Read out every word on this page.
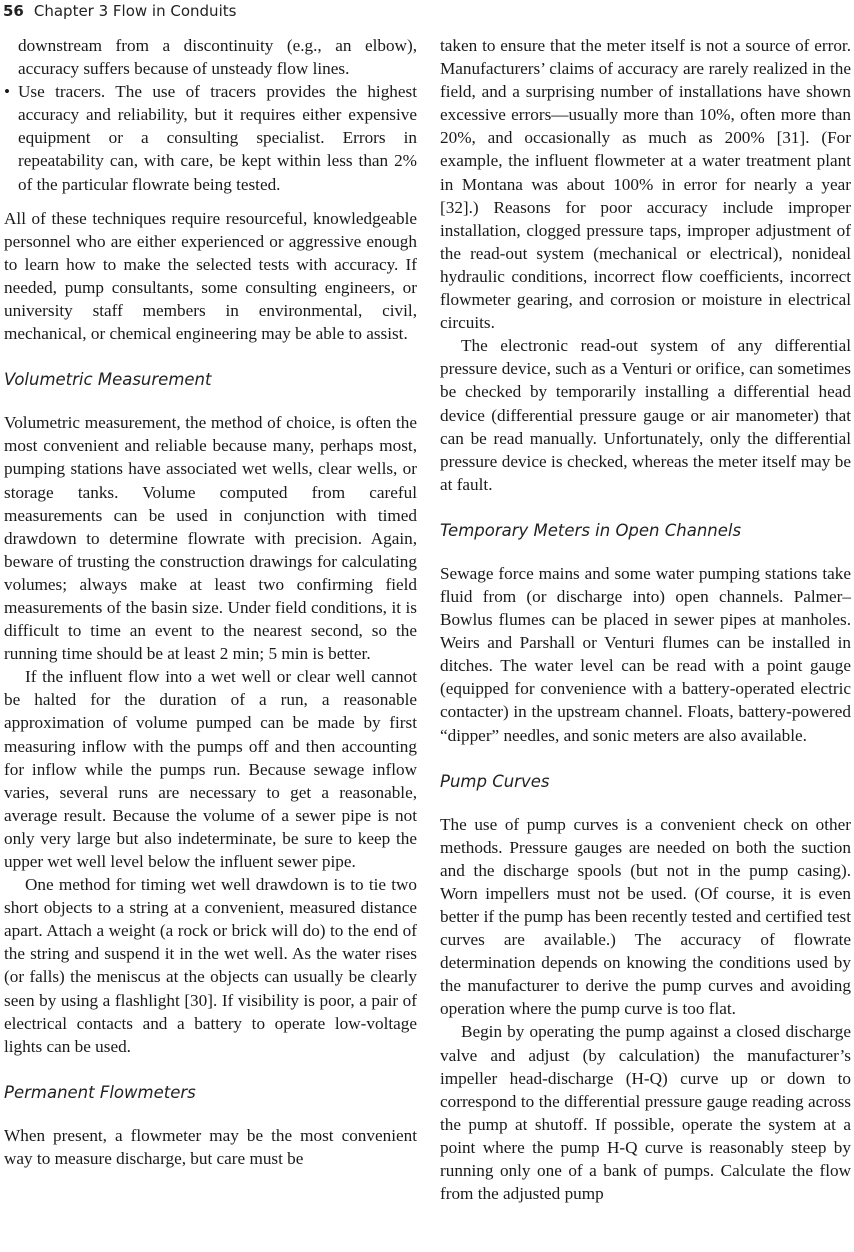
56 Chapter 3 Flow in Conduits

downstream from a discontinuity (e.g., an elbow), accuracy suffers because of unsteady flow lines.

• Use tracers. The use of tracers provides the highest accuracy and reliability, but it requires either expensive equipment or a consulting specialist. Errors in repeatability can, with care, be kept within less than 2% of the particular flowrate being tested.

All of these techniques require resourceful, knowledgeable personnel who are either experienced or aggressive enough to learn how to make the selected tests with accuracy. If needed, pump consultants, some consulting engineers, or university staff members in environmental, civil, mechanical, or chemical engineering may be able to assist.

Volumetric Measurement

Volumetric measurement, the method of choice, is often the most convenient and reliable because many, perhaps most, pumping stations have associated wet wells, clear wells, or storage tanks. Volume computed from careful measurements can be used in conjunction with timed drawdown to determine flowrate with precision. Again, beware of trusting the construction drawings for calculating volumes; always make at least two confirming field measurements of the basin size. Under field conditions, it is difficult to time an event to the nearest second, so the running time should be at least 2 min; 5 min is better.

If the influent flow into a wet well or clear well cannot be halted for the duration of a run, a reasonable approximation of volume pumped can be made by first measuring inflow with the pumps off and then accounting for inflow while the pumps run. Because sewage inflow varies, several runs are necessary to get a reasonable, average result. Because the volume of a sewer pipe is not only very large but also indeterminate, be sure to keep the upper wet well level below the influent sewer pipe.

One method for timing wet well drawdown is to tie two short objects to a string at a convenient, measured distance apart. Attach a weight (a rock or brick will do) to the end of the string and suspend it in the wet well. As the water rises (or falls) the meniscus at the objects can usually be clearly seen by using a flashlight [30]. If visibility is poor, a pair of electrical contacts and a battery to operate low-voltage lights can be used.

Permanent Flowmeters

When present, a flowmeter may be the most convenient way to measure discharge, but care must be

taken to ensure that the meter itself is not a source of error. Manufacturers’ claims of accuracy are rarely realized in the field, and a surprising number of installations have shown excessive errors—usually more than 10%, often more than 20%, and occasionally as much as 200% [31]. (For example, the influent flowmeter at a water treatment plant in Montana was about 100% in error for nearly a year [32].) Reasons for poor accuracy include improper installation, clogged pressure taps, improper adjustment of the read-out system (mechanical or electrical), nonideal hydraulic conditions, incorrect flow coefficients, incorrect flowmeter gearing, and corrosion or moisture in electrical circuits.

The electronic read-out system of any differential pressure device, such as a Venturi or orifice, can sometimes be checked by temporarily installing a differential head device (differential pressure gauge or air manometer) that can be read manually. Unfortunately, only the differential pressure device is checked, whereas the meter itself may be at fault.

Temporary Meters in Open Channels

Sewage force mains and some water pumping stations take fluid from (or discharge into) open channels. Palmer–Bowlus flumes can be placed in sewer pipes at manholes. Weirs and Parshall or Venturi flumes can be installed in ditches. The water level can be read with a point gauge (equipped for convenience with a battery-operated electric contacter) in the upstream channel. Floats, battery-powered “dipper” needles, and sonic meters are also available.

Pump Curves

The use of pump curves is a convenient check on other methods. Pressure gauges are needed on both the suction and the discharge spools (but not in the pump casing). Worn impellers must not be used. (Of course, it is even better if the pump has been recently tested and certified test curves are available.) The accuracy of flowrate determination depends on knowing the conditions used by the manufacturer to derive the pump curves and avoiding operation where the pump curve is too flat.

Begin by operating the pump against a closed discharge valve and adjust (by calculation) the manufacturer’s impeller head-discharge (H-Q) curve up or down to correspond to the differential pressure gauge reading across the pump at shutoff. If possible, operate the system at a point where the pump H-Q curve is reasonably steep by running only one of a bank of pumps. Calculate the flow from the adjusted pump
